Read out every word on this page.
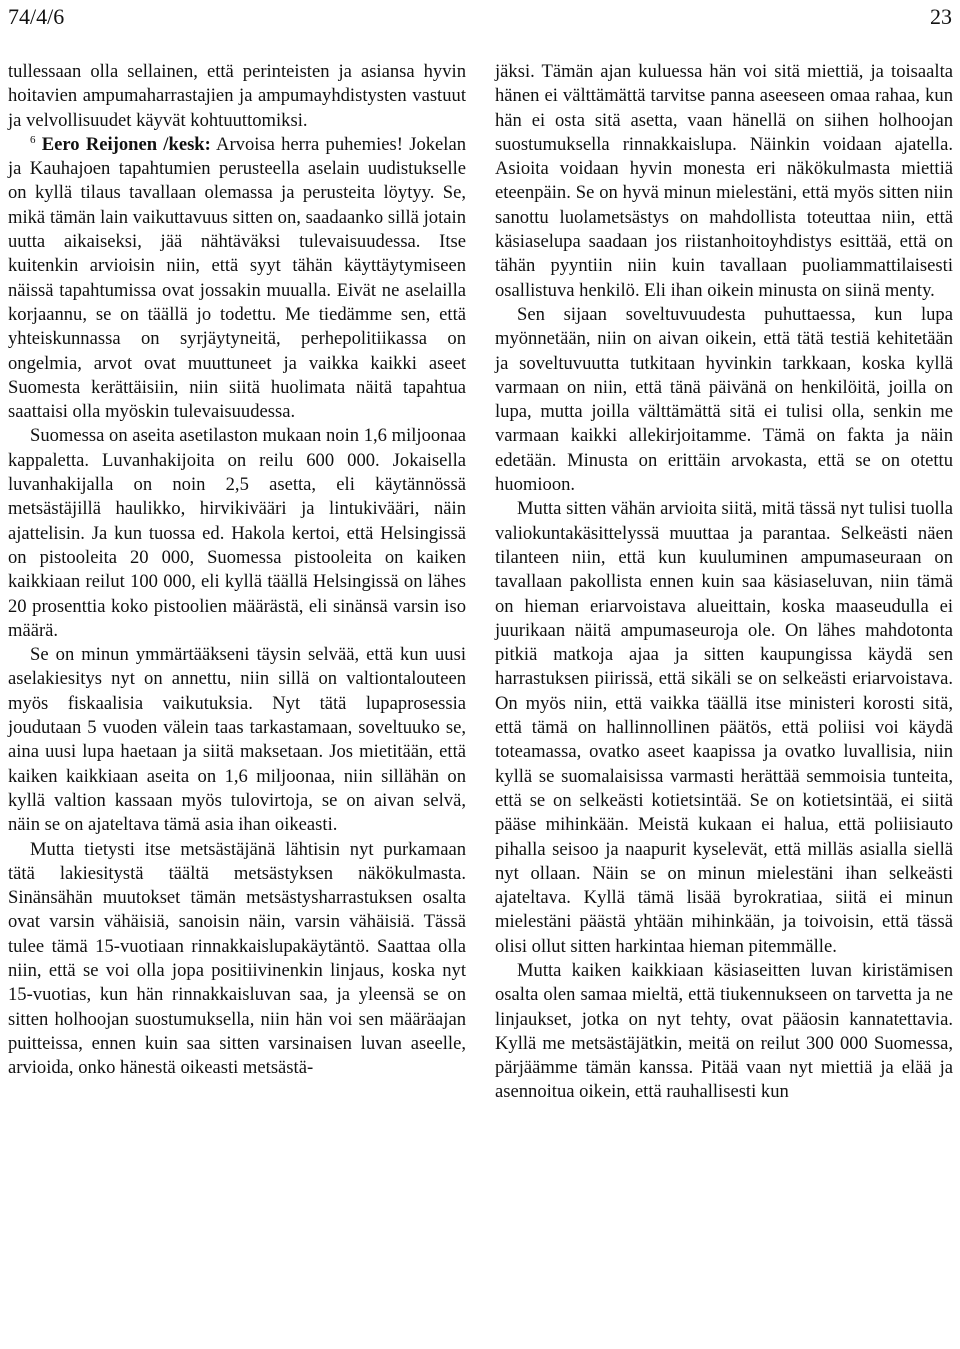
74/4/6	23

tullessaan olla sellainen, että perinteisten ja asiansa hyvin hoitavien ampumaharrastajien ja ampumayhdistysten vastuut ja velvollisuudet käyvät kohtuuttomiksi.

$^6$ Eero Reijonen /kesk: Arvoisa herra puhemies! Jokelan ja Kauhajoen tapahtumien perusteella aselain uudistukselle on kyllä tilaus tavallaan olemassa ja perusteita löytyy. Se, mikä tämän lain vaikuttavuus sitten on, saadaanko sillä jotain uutta aikaiseksi, jää nähtäväksi tulevaisuudessa. Itse kuitenkin arvioisin niin, että syyt tähän käyttäytymiseen näissä tapahtumissa ovat jossakin muualla. Eivät ne aselailla korjaannu, se on täällä jo todettu. Me tiedämme sen, että yhteiskunnassa on syrjäytyneitä, perhepolitiikassa on ongelmia, arvot ovat muuttuneet ja vaikka kaikki aseet Suomesta kerättäisiin, niin siitä huolimata näitä tapahtua saattaisi olla myöskin tulevaisuudessa.

Suomessa on aseita asetilaston mukaan noin 1,6 miljoonaa kappaletta. Luvanhakijoita on reilu 600 000. Jokaisella luvanhakijalla on noin 2,5 asetta, eli käytännössä metsästäjillä haulikko, hirvikivääri ja lintukivääri, näin ajattelisin. Ja kun tuossa ed. Hakola kertoi, että Helsingissä on pistooleita 20 000, Suomessa pistooleita on kaiken kaikkiaan reilut 100 000, eli kyllä täällä Helsingissä on lähes 20 prosenttia koko pistoolien määrästä, eli sinänsä varsin iso määrä.

Se on minun ymmärtääkseni täysin selvää, että kun uusi aselakiesitys nyt on annettu, niin sillä on valtiontalouteen myös fiskaalisia vaikutuksia. Nyt tätä lupaprosessia joudutaan 5 vuoden välein taas tarkastamaan, soveltuuko se, aina uusi lupa haetaan ja siitä maksetaan. Jos mietitään, että kaiken kaikkiaan aseita on 1,6 miljoonaa, niin sillähän on kyllä valtion kassaan myös tulovirtoja, se on aivan selvä, näin se on ajateltava tämä asia ihan oikeasti.

Mutta tietysti itse metsästäjänä lähtisin nyt purkamaan tätä lakiesitystä täältä metsästyksen näkökulmasta. Sinänsähän muutokset tämän metsästysharrastuksen osalta ovat varsin vähäisiä, sanoisin näin, varsin vähäisiä. Tässä tulee tämä 15-vuotiaan rinnakkaislupakäytäntö. Saattaa olla niin, että se voi olla jopa positiivinenkin linjaus, koska nyt 15-vuotias, kun hän rinnakkaisluvan saa, ja yleensä se on sitten holhoojan suostumuksella, niin hän voi sen määräajan puitteissa, ennen kuin saa sitten varsinaisen luvan aseelle, arvioida, onko hänestä oikeasti metsästä-

jäksi. Tämän ajan kuluessa hän voi sitä miettiä, ja toisaalta hänen ei välttämättä tarvitse panna aseeseen omaa rahaa, kun hän ei osta sitä asetta, vaan hänellä on siihen holhoojan suostumuksella rinnakkaislupa. Näinkin voidaan ajatella. Asioita voidaan hyvin monesta eri näkökulmasta miettiä eteenpäin. Se on hyvä minun mielestäni, että myös sitten niin sanottu luolametsästys on mahdollista toteuttaa niin, että käsiaselupa saadaan jos riistanhoitoyhdistys esittää, että on tähän pyyntiin niin kuin tavallaan puoliammattilaisesti osallistuva henkilö. Eli ihan oikein minusta on siinä menty.

Sen sijaan soveltuvuudesta puhuttaessa, kun lupa myönnetään, niin on aivan oikein, että tätä testiä kehitetään ja soveltuvuutta tutkitaan hyvinkin tarkkaan, koska kyllä varmaan on niin, että tänä päivänä on henkilöitä, joilla on lupa, mutta joilla välttämättä sitä ei tulisi olla, senkin me varmaan kaikki allekirjoitamme. Tämä on fakta ja näin edetään. Minusta on erittäin arvokasta, että se on otettu huomioon.

Mutta sitten vähän arvioita siitä, mitä tässä nyt tulisi tuolla valiokuntakäsittelyssä muuttaa ja parantaa. Selkeästi näen tilanteen niin, että kun kuuluminen ampumaseuraan on tavallaan pakollista ennen kuin saa käsiaseluvan, niin tämä on hieman eriarvoistava alueittain, koska maaseudulla ei juurikaan näitä ampumaseuroja ole. On lähes mahdotonta pitkiä matkoja ajaa ja sitten kaupungissa käydä sen harrastuksen piirissä, että sikäli se on selkeästi eriarvoistava. On myös niin, että vaikka täällä itse ministeri korosti sitä, että tämä on hallinnollinen päätös, että poliisi voi käydä toteamassa, ovatko aseet kaapissa ja ovatko luvallisia, niin kyllä se suomalaisissa varmasti herättää semmoisia tunteita, että se on selkeästi kotietsintää. Se on kotietsintää, ei siitä pääse mihinkään. Meistä kukaan ei halua, että poliisiauto pihalla seisoo ja naapurit kyselevät, että milläs asialla siellä nyt ollaan. Näin se on minun mielestäni ihan selkeästi ajateltava. Kyllä tämä lisää byrokratiaa, siitä ei minun mielestäni päästä yhtään mihinkään, ja toivoisin, että tässä olisi ollut sitten harkintaa hieman pitemmälle.

Mutta kaiken kaikkiaan käsiaseitten luvan kiristämisen osalta olen samaa mieltä, että tiukennukseen on tarvetta ja ne linjaukset, jotka on nyt tehty, ovat pääosin kannatettavia. Kyllä me metsästäjätkin, meitä on reilut 300 000 Suomessa, pärjäämme tämän kanssa. Pitää vaan nyt miettiä ja elää ja asennoitua oikein, että rauhallisesti kun
